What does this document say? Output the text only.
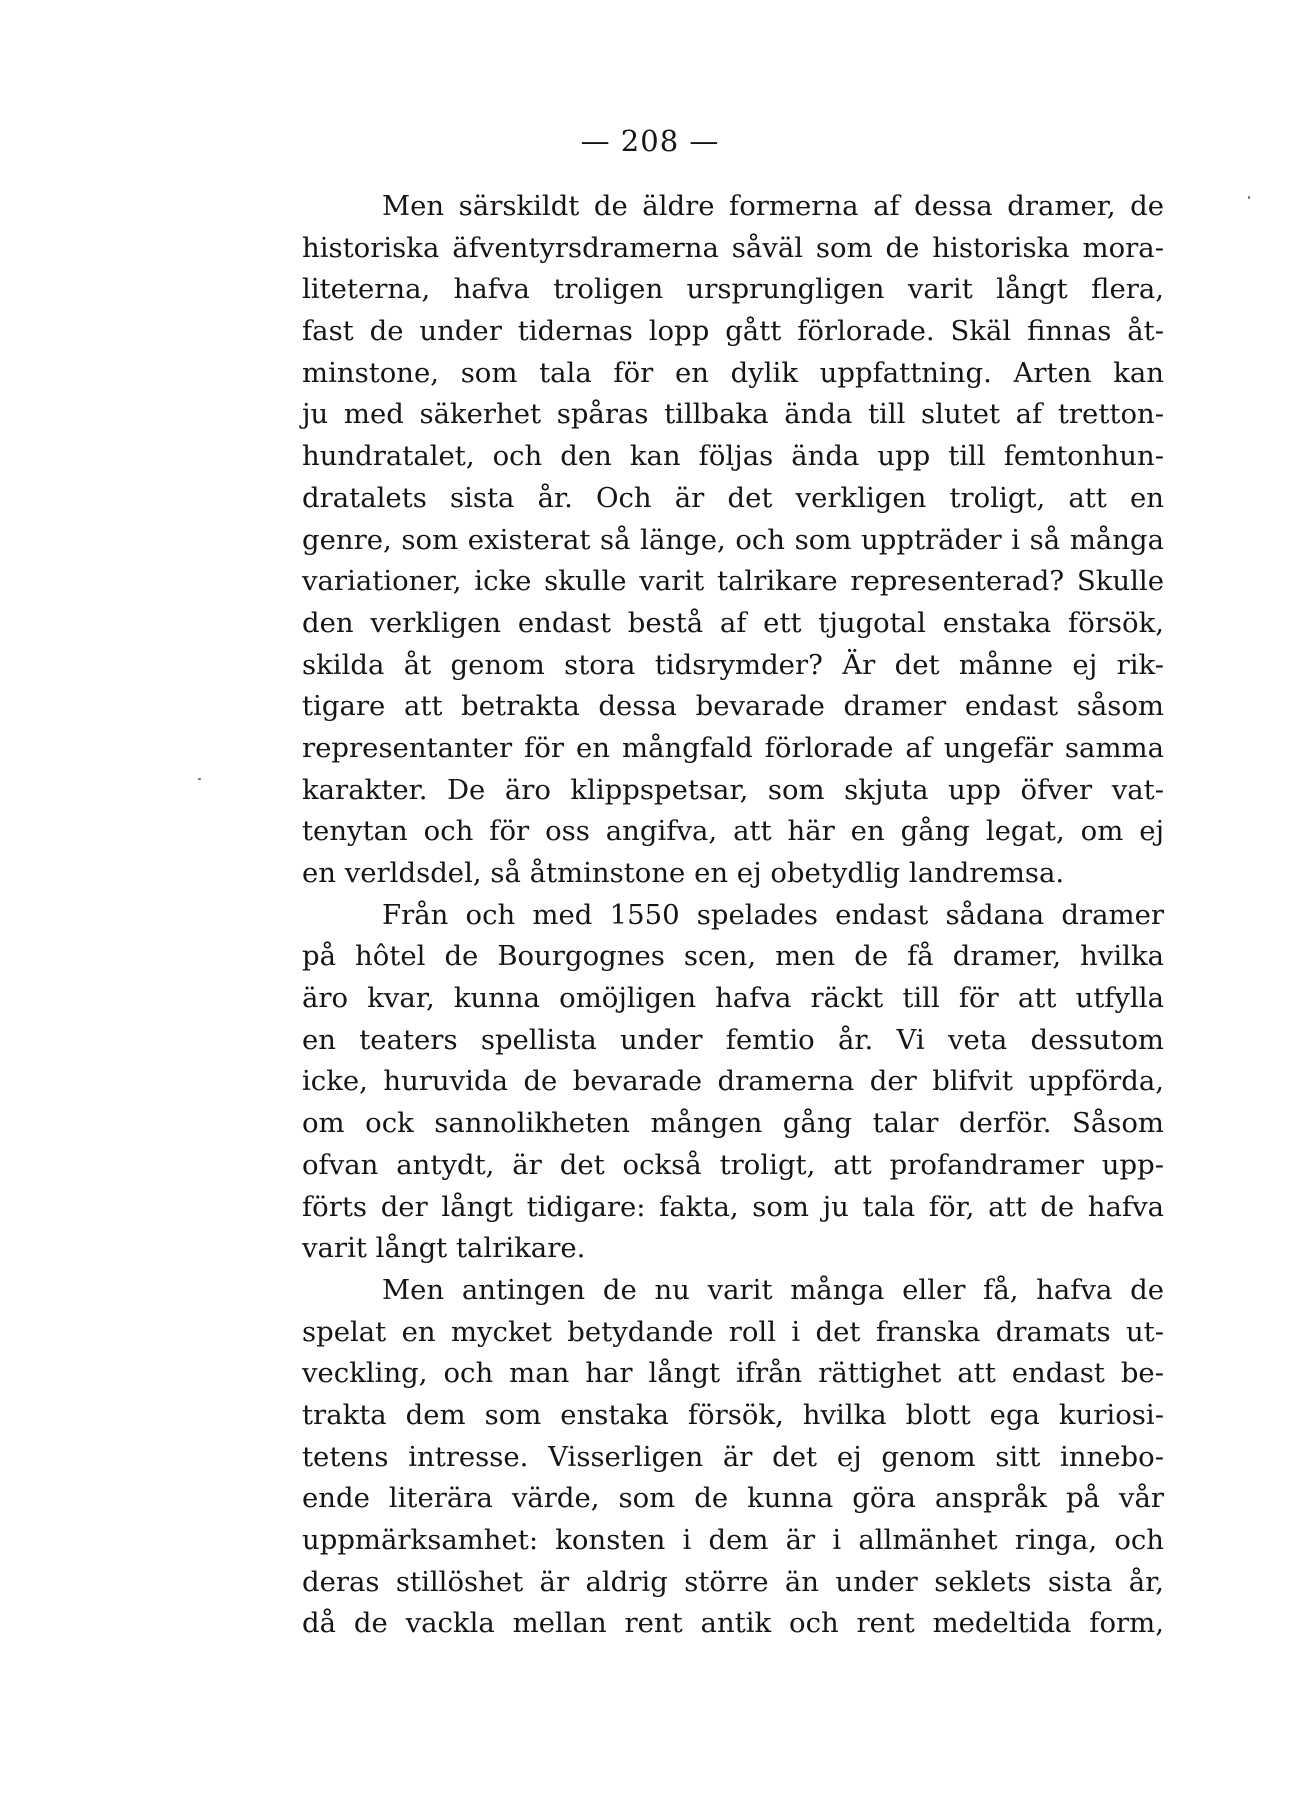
— 208 —
Men särskildt de äldre formerna af dessa dramer, de
historiska äfventyrsdramerna såväl som de historiska mora-
liteterna, hafva troligen ursprungligen varit långt flera,
fast de under tidernas lopp gått förlorade. Skäl finnas åt-
minstone, som tala för en dylik uppfattning. Arten kan
ju med säkerhet spåras tillbaka ända till slutet af tretton-
hundratalet, och den kan följas ända upp till femtonhun-
dratalets sista år. Och är det verkligen troligt, att en
genre, som existerat så länge, och som uppträder i så många
variationer, icke skulle varit talrikare representerad? Skulle
den verkligen endast bestå af ett tjugotal enstaka försök,
skilda åt genom stora tidsrymder? Är det månne ej rik-
tigare att betrakta dessa bevarade dramer endast såsom
representanter för en mångfald förlorade af ungefär samma
karakter. De äro klippspetsar, som skjuta upp öfver vat-
tenytan och för oss angifva, att här en gång legat, om ej
en verldsdel, så åtminstone en ej obetydlig landremsa.
Från och med 1550 spelades endast sådana dramer
på hôtel de Bourgognes scen, men de få dramer, hvilka
äro kvar, kunna omöjligen hafva räckt till för att utfylla
en teaters spellista under femtio år. Vi veta dessutom
icke, huruvida de bevarade dramerna der blifvit uppförda,
om ock sannolikheten mången gång talar derför. Såsom
ofvan antydt, är det också troligt, att profandramer upp-
förts der långt tidigare: fakta, som ju tala för, att de hafva
varit långt talrikare.
Men antingen de nu varit många eller få, hafva de
spelat en mycket betydande roll i det franska dramats ut-
veckling, och man har långt ifrån rättighet att endast be-
trakta dem som enstaka försök, hvilka blott ega kuriosi-
tetens intresse. Visserligen är det ej genom sitt innebo-
ende literära värde, som de kunna göra anspråk på vår
uppmärksamhet: konsten i dem är i allmänhet ringa, och
deras stillöshet är aldrig större än under seklets sista år,
då de vackla mellan rent antik och rent medeltida form,
